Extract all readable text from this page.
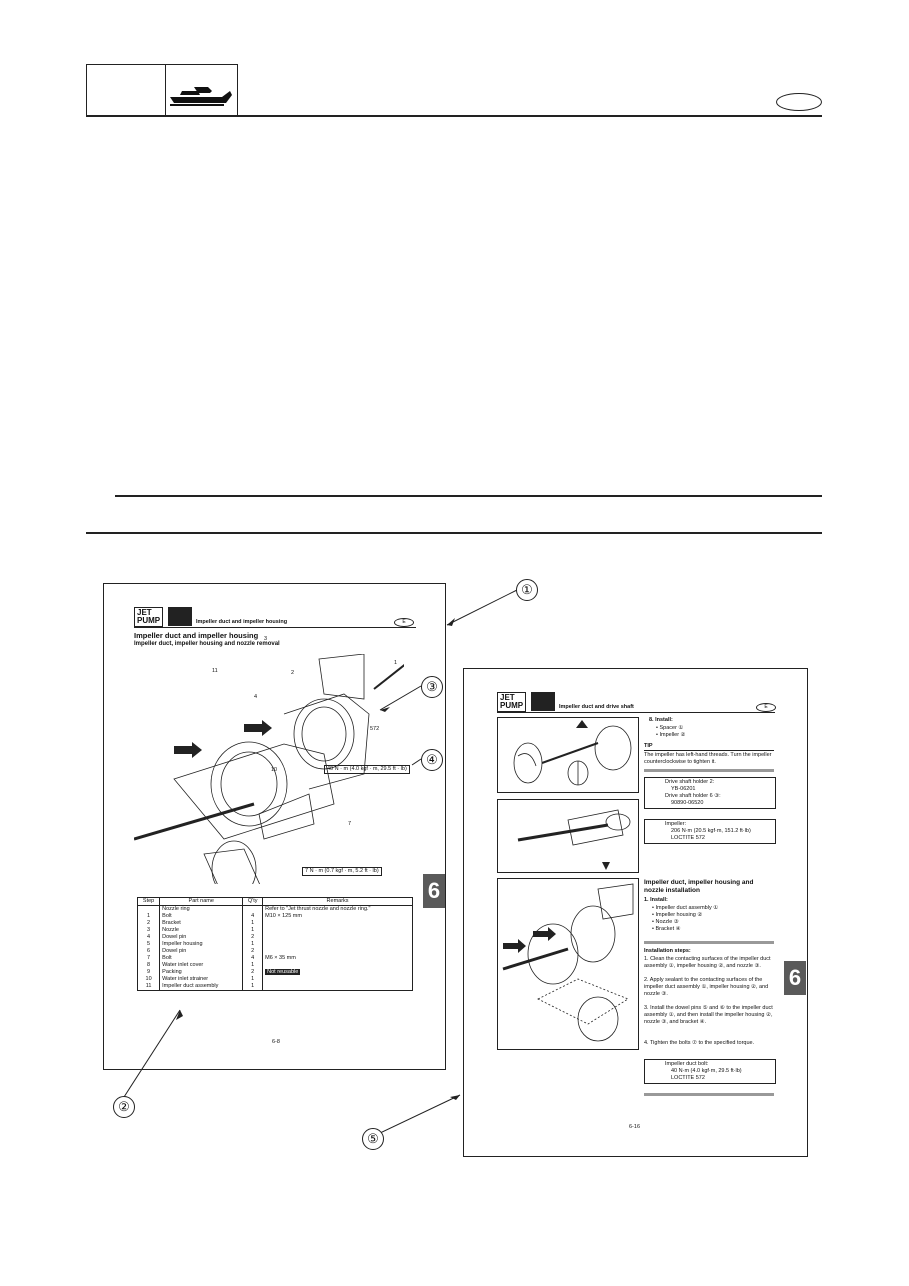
JET
PUMP	Impeller duct and impeller housing	E
Impeller duct and impeller housing
Impeller duct, impeller housing and nozzle removal
11
3
2
4
1
10
7
40 N · m (4.0 kgf · m, 29.5 ft · lb)
7 N · m (0.7 kgf · m, 5.2 ft · lb)
572
Step	Part name	Q'ty	Remarks
	Nozzle ring		Refer to "Jet thrust nozzle and nozzle ring."
1	Bolt	4	M10 × 125 mm
2	Bracket	1	
3	Nozzle	1	
4	Dowel pin	2	
5	Impeller housing	1	
6	Dowel pin	2	
7	Bolt	4	M6 × 35 mm
8	Water inlet cover	1	
9	Packing	2	Not reusable
10	Water inlet strainer	1	
11	Impeller duct assembly	1	
6-8
6
JET
PUMP	Impeller duct and drive shaft	E
8. Install:
• Spacer ①
• Impeller ②
TIP
The impeller has left-hand threads. Turn the impeller counterclockwise to tighten it.
Drive shaft holder 2:
YB-06201
Drive shaft holder 6 ③:
90890-06520
Impeller:
206 N·m (20.5 kgf·m, 151.2 ft·lb)
LOCTITE 572
Impeller duct, impeller housing and nozzle installation
1. Install:
• Impeller duct assembly ①
• Impeller housing ②
• Nozzle ③
• Bracket ④
Installation steps:
1. Clean the contacting surfaces of the impeller duct assembly ①, impeller housing ②, and nozzle ③.
2. Apply sealant to the contacting surfaces of the impeller duct assembly ①, impeller housing ②, and nozzle ③.
3. Install the dowel pins ⑤ and ⑥ to the impeller duct assembly ①, and then install the impeller housing ②, nozzle ③, and bracket ④.
4. Tighten the bolts ⑦ to the specified torque.
Impeller duct bolt:
40 N·m (4.0 kgf·m, 29.5 ft·lb)
LOCTITE 572
6-16
6
①
②
③
④
⑤
